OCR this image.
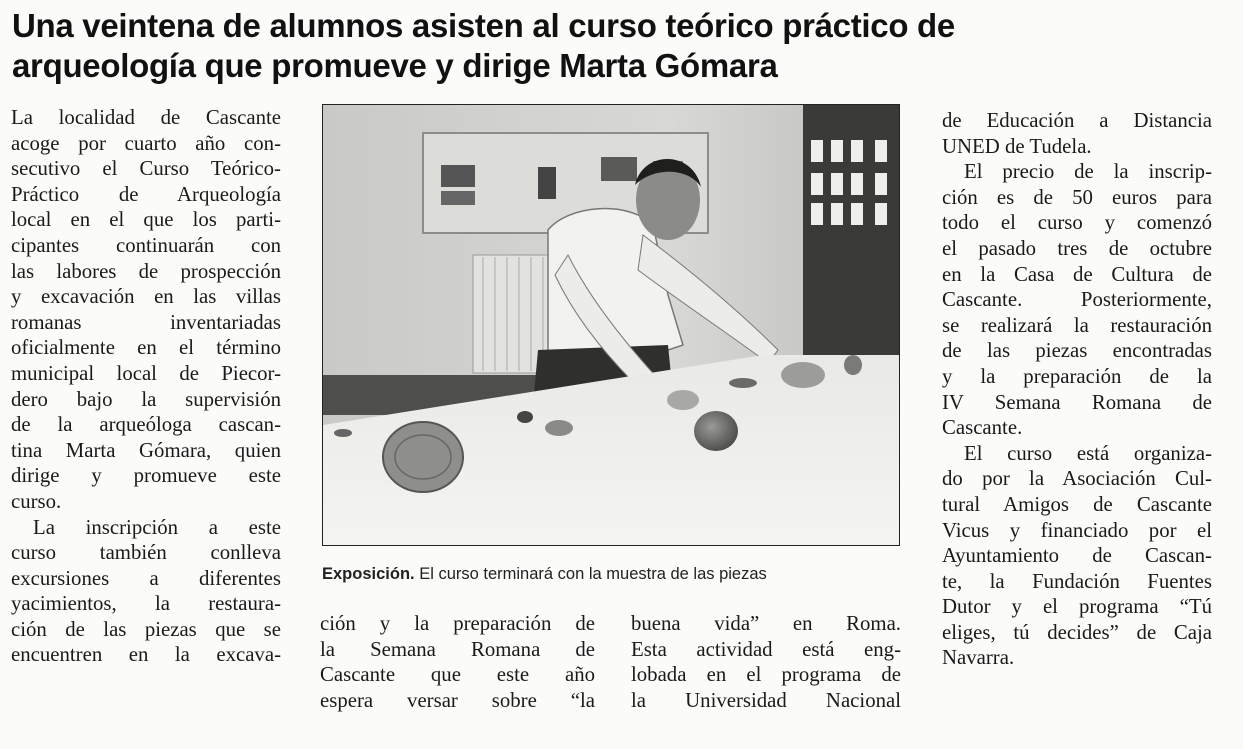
Una veintena de alumnos asisten al curso teórico práctico de
arqueología que promueve y dirige Marta Gómara
La localidad de Cascante
acoge por cuarto año con-
secutivo el Curso Teórico-
Práctico de Arqueología
local en el que los parti-
cipantes continuarán con
las labores de prospección
y excavación en las villas
romanas inventariadas
oficialmente en el término
municipal local de Piecor-
dero bajo la supervisión
de la arqueóloga cascan-
tina Marta Gómara, quien
dirige y promueve este
curso.
La inscripción a este
curso también conlleva
excursiones a diferentes
yacimientos, la restaura-
ción de las piezas que se
encuentren en la excava-
Exposición. El curso terminará con la muestra de las piezas
ción y la preparación de
la Semana Romana de
Cascante que este año
espera versar sobre “la
buena vida” en Roma.
Esta actividad está eng-
lobada en el programa de
la Universidad Nacional
de Educación a Distancia
UNED de Tudela.
El precio de la inscrip-
ción es de 50 euros para
todo el curso y comenzó
el pasado tres de octubre
en la Casa de Cultura de
Cascante. Posteriormente,
se realizará la restauración
de las piezas encontradas
y la preparación de la
IV Semana Romana de
Cascante.
El curso está organiza-
do por la Asociación Cul-
tural Amigos de Cascante
Vicus y financiado por el
Ayuntamiento de Cascan-
te, la Fundación Fuentes
Dutor y el programa “Tú
eliges, tú decides” de Caja
Navarra.
